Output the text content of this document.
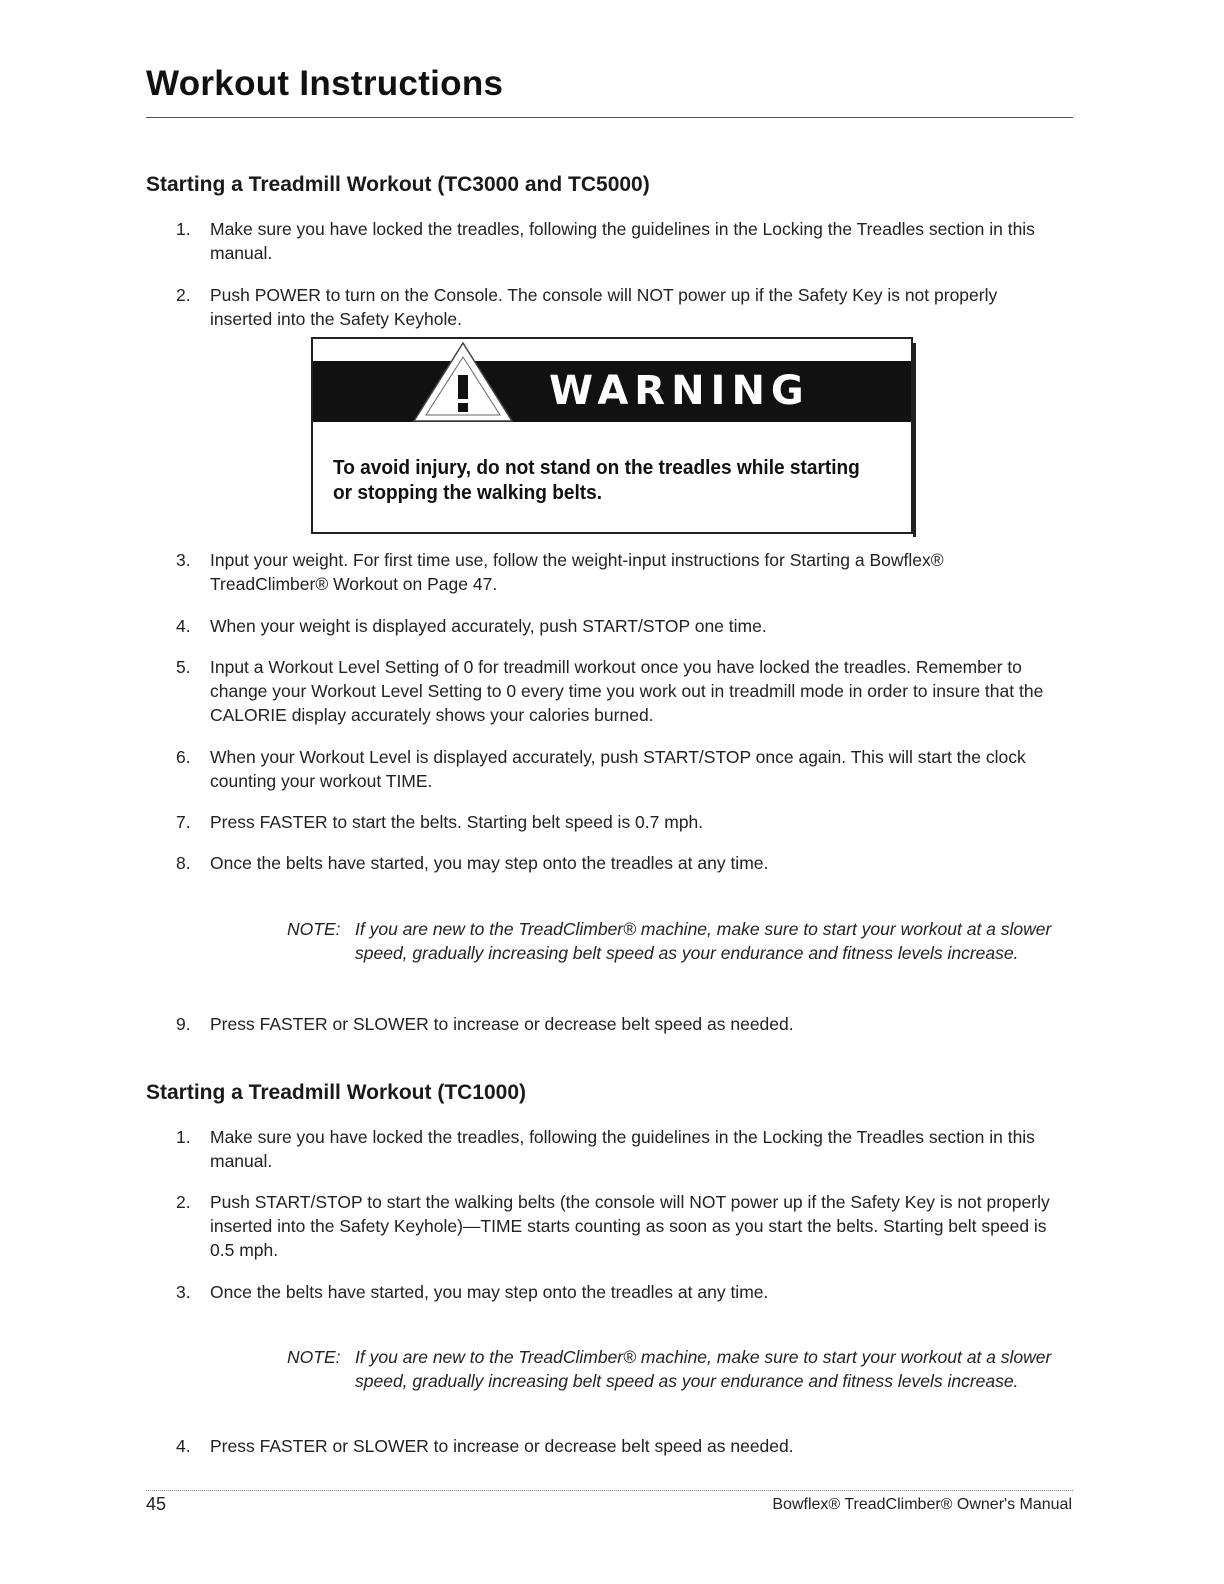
Workout Instructions
Starting a Treadmill Workout (TC3000 and TC5000)
1.	Make sure you have locked the treadles, following the guidelines in the Locking the Treadles section in this manual.
2.	Push POWER to turn on the Console. The console will NOT power up if the Safety Key is not properly inserted into the Safety Keyhole.
WARNING
To avoid injury, do not stand on the treadles while starting or stopping the walking belts.
3.	Input your weight. For first time use, follow the weight-input instructions for Starting a Bowflex® TreadClimber® Workout on Page 47.
4.	When your weight is displayed accurately, push START/STOP one time.
5.	Input a Workout Level Setting of 0 for treadmill workout once you have locked the treadles. Remember to change your Workout Level Setting to 0 every time you work out in treadmill mode in order to insure that the CALORIE display accurately shows your calories burned.
6.	When your Workout Level is displayed accurately, push START/STOP once again. This will start the clock counting your workout TIME.
7.	Press FASTER to start the belts. Starting belt speed is 0.7 mph.
8.	Once the belts have started, you may step onto the treadles at any time.
NOTE: If you are new to the TreadClimber® machine, make sure to start your workout at a slower speed, gradually increasing belt speed as your endurance and fitness levels increase.
9.	Press FASTER or SLOWER to increase or decrease belt speed as needed.
Starting a Treadmill Workout (TC1000)
1.	Make sure you have locked the treadles, following the guidelines in the Locking the Treadles section in this manual.
2.	Push START/STOP to start the walking belts (the console will NOT power up if the Safety Key is not properly inserted into the Safety Keyhole)—TIME starts counting as soon as you start the belts. Starting belt speed is 0.5 mph.
3.	Once the belts have started, you may step onto the treadles at any time.
NOTE: If you are new to the TreadClimber® machine, make sure to start your workout at a slower speed, gradually increasing belt speed as your endurance and fitness levels increase.
4.	Press FASTER or SLOWER to increase or decrease belt speed as needed.
45	Bowflex® TreadClimber® Owner's Manual
